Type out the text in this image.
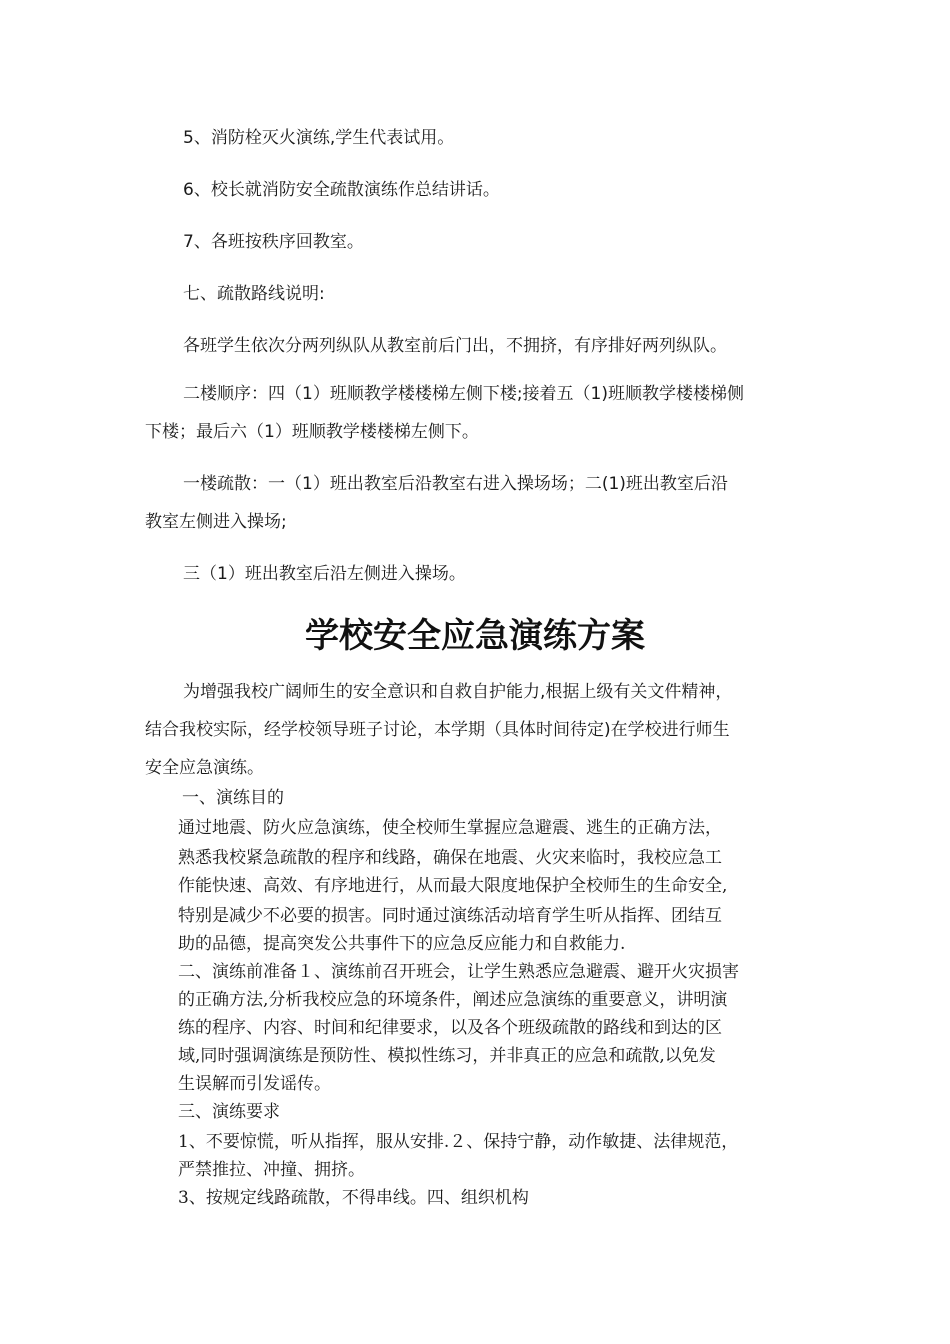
5、消防栓灭火演练,学生代表试用。

6、校长就消防安全疏散演练作总结讲话。

7、各班按秩序回教室。

七、疏散路线说明:

各班学生依次分两列纵队从教室前后门出，不拥挤，有序排好两列纵队。

二楼顺序：四（1）班顺教学楼楼梯左侧下楼;接着五（1)班顺教学楼楼梯侧

下楼；最后六（1）班顺教学楼楼梯左侧下。

一楼疏散：一（1）班出教室后沿教室右进入操场场；二(1)班出教室后沿

教室左侧进入操场;

三（1）班出教室后沿左侧进入操场。

学校安全应急演练方案

为增强我校广阔师生的安全意识和自救自护能力,根据上级有关文件精神，

结合我校实际，经学校领导班子讨论，本学期（具体时间待定)在学校进行师生

安全应急演练。

一、演练目的

通过地震、防火应急演练，使全校师生掌握应急避震、逃生的正确方法，

熟悉我校紧急疏散的程序和线路，确保在地震、火灾来临时，我校应急工

作能快速、高效、有序地进行，从而最大限度地保护全校师生的生命安全,

特别是减少不必要的损害。同时通过演练活动培育学生听从指挥、团结互

助的品德，提高突发公共事件下的应急反应能力和自救能力.

二、演练前准备１、演练前召开班会，让学生熟悉应急避震、避开火灾损害

的正确方法,分析我校应急的环境条件，阐述应急演练的重要意义，讲明演

练的程序、内容、时间和纪律要求，以及各个班级疏散的路线和到达的区

域,同时强调演练是预防性、模拟性练习，并非真正的应急和疏散,以免发

生误解而引发谣传。

三、演练要求

1、不要惊慌，听从指挥，服从安排.２、保持宁静，动作敏捷、法律规范，

严禁推拉、冲撞、拥挤。

3、按规定线路疏散，不得串线。四、组织机构
